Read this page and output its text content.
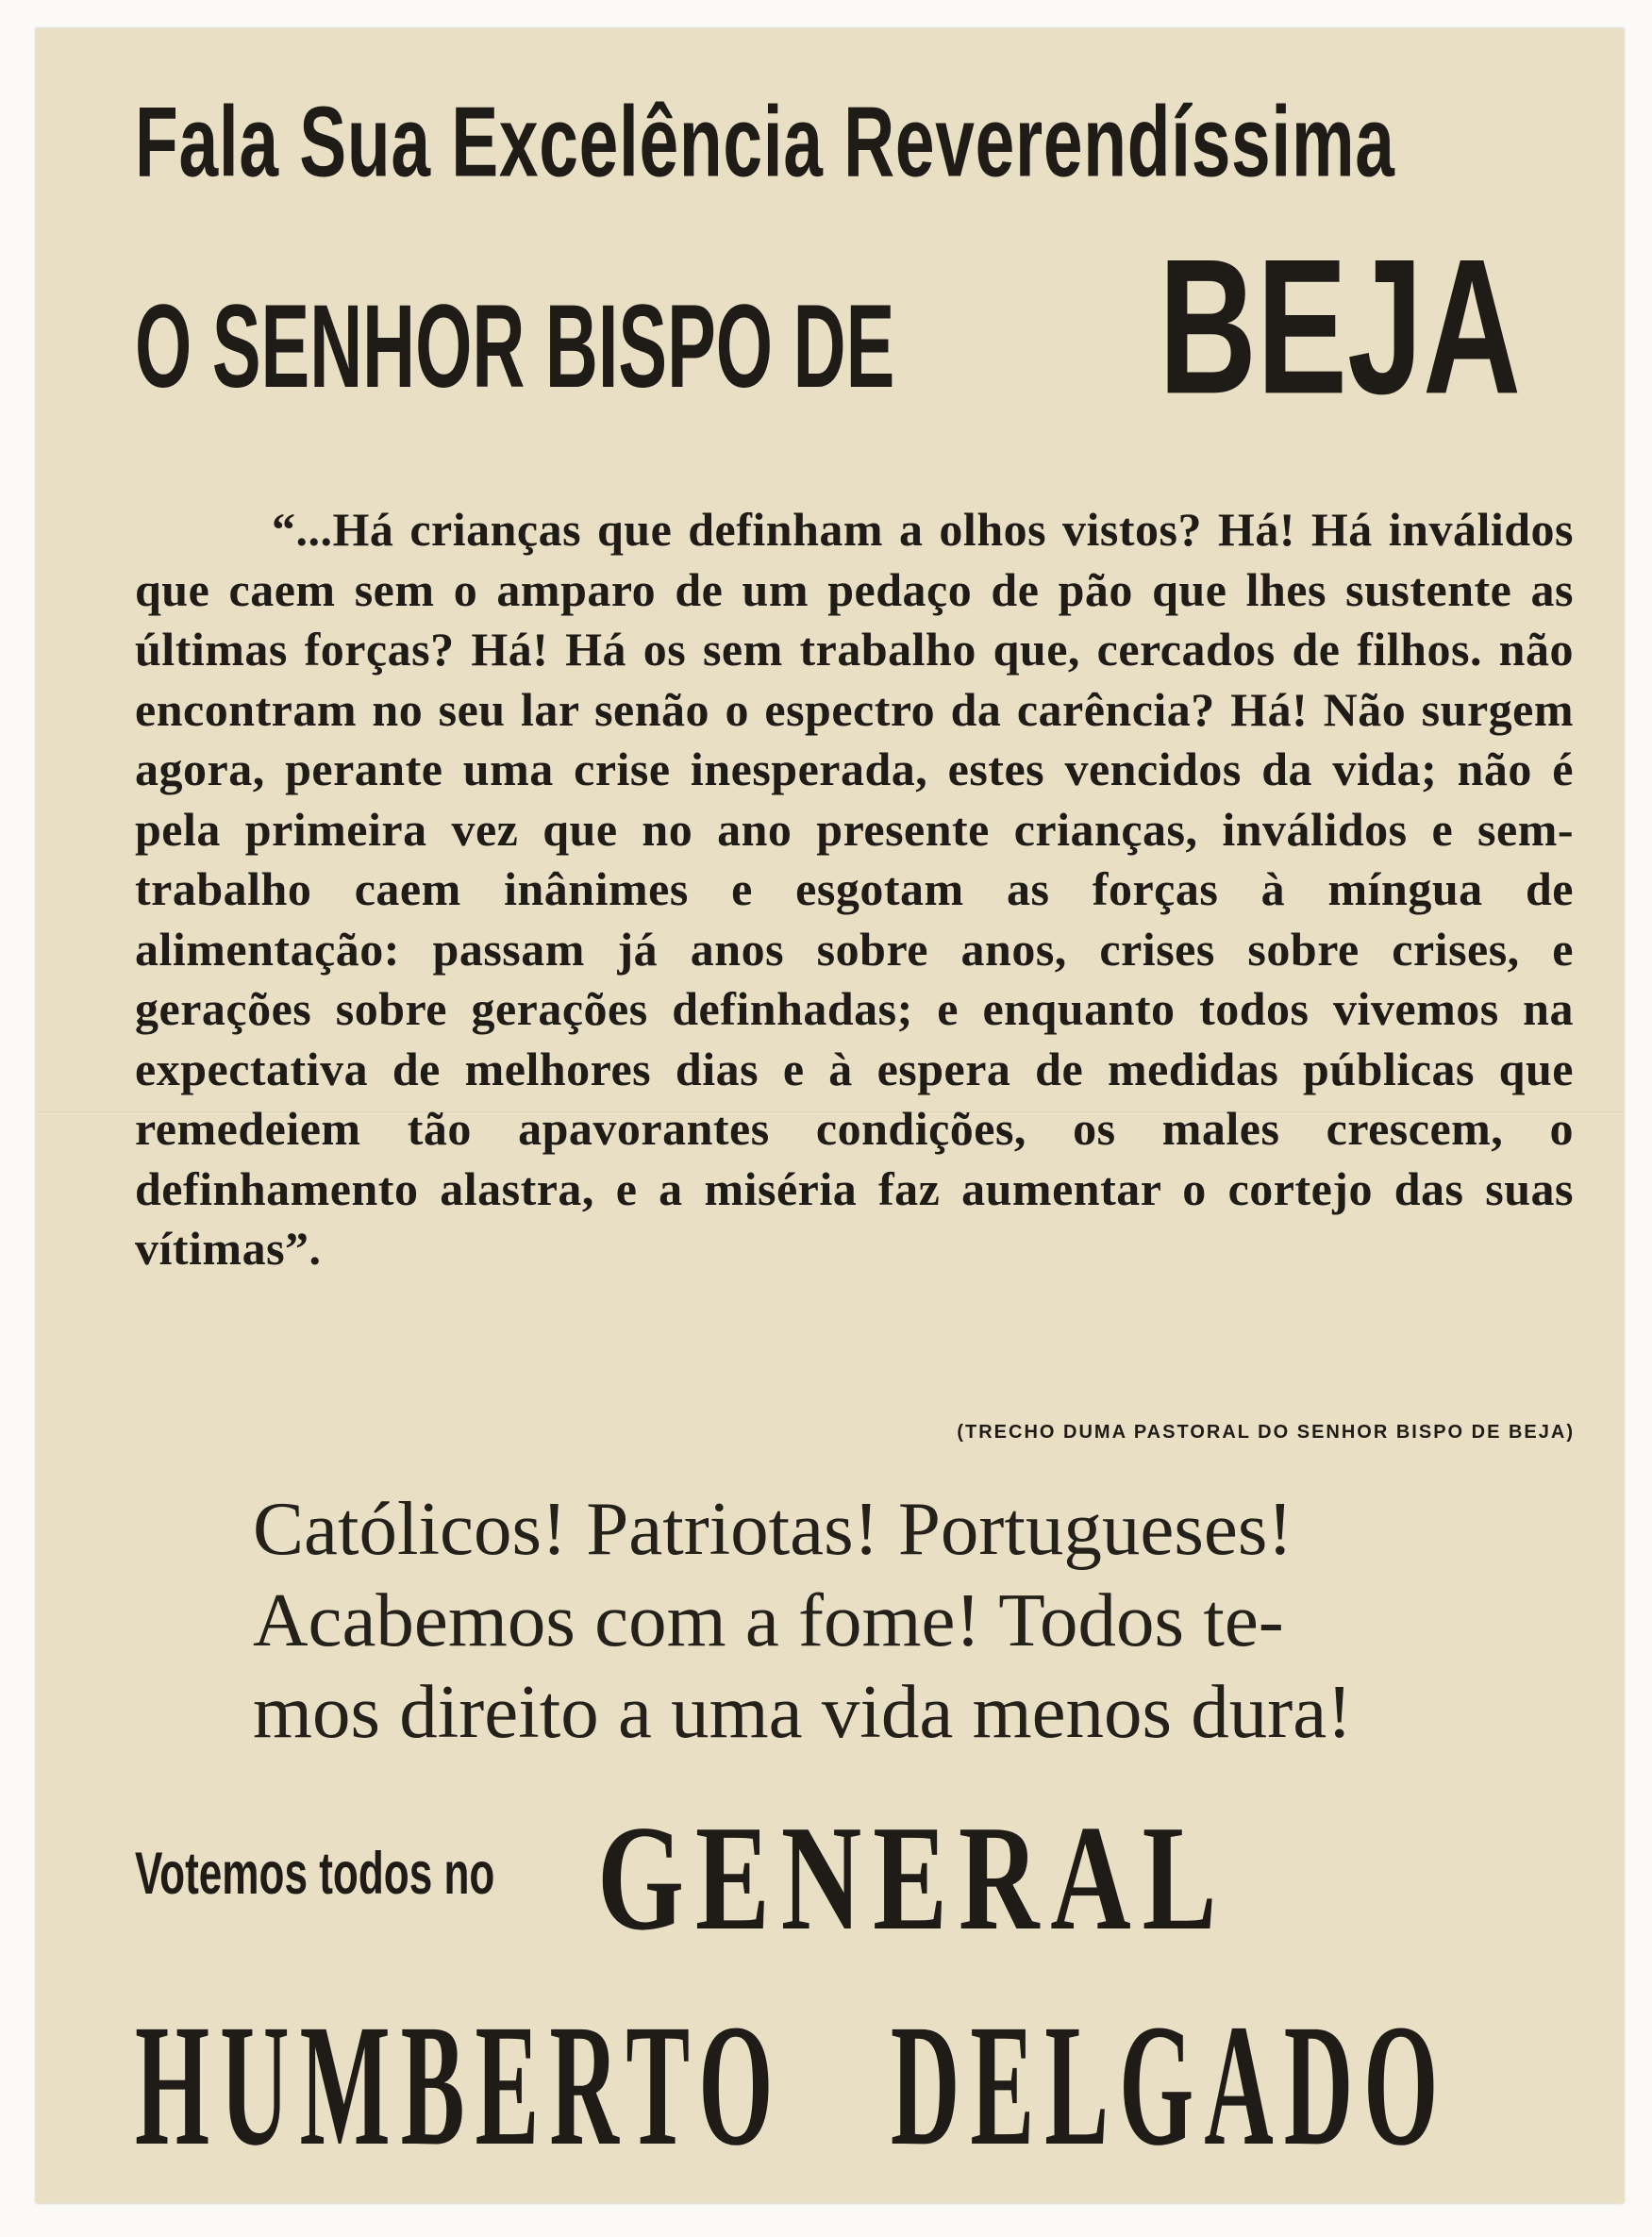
Fala Sua Excelência Reverendíssima
O SENHOR BISPO DE BEJA

“...Há crianças que definham a olhos vistos? Há! Há inválidos que caem sem o amparo de um pedaço de pão que lhes sustente as últimas forças? Há! Há os sem trabalho que, cercados de filhos. não encontram no seu lar senão o espectro da carência? Há! Não surgem agora, perante uma crise inesperada, estes vencidos da vida; não é pela primeira vez que no ano presente crianças, inválidos e sem-trabalho caem inânimes e esgotam as forças à míngua de alimentação: passam já anos sobre anos, crises sobre crises, e gerações sobre gerações definhadas; e enquanto todos vivemos na expectativa de melhores dias e à espera de medidas públicas que remedeiem tão apavorantes condições, os males crescem, o definhamento alastra, e a miséria faz aumentar o cortejo das suas vítimas”.

(TRECHO DUMA PASTORAL DO SENHOR BISPO DE BEJA)

Católicos! Patriotas! Portugueses!
Acabemos com a fome! Todos te-
mos direito a uma vida menos dura!

Votemos todos no GENERAL
HUMBERTO DELGADO
